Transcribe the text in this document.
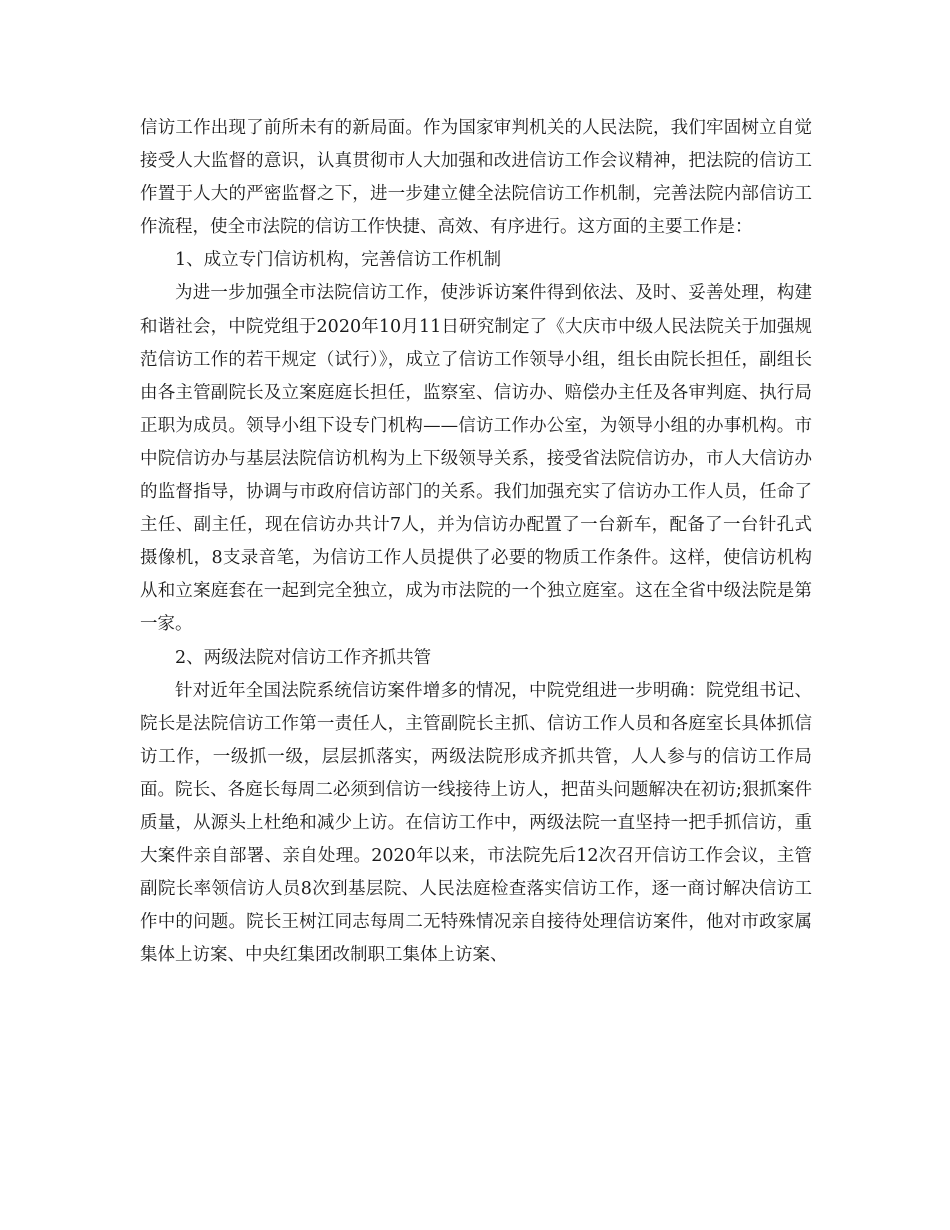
信访工作出现了前所未有的新局面。作为国家审判机关的人民法院，我们牢固树立自觉接受人大监督的意识，认真贯彻市人大加强和改进信访工作会议精神，把法院的信访工作置于人大的严密监督之下，进一步建立健全法院信访工作机制，完善法院内部信访工作流程，使全市法院的信访工作快捷、高效、有序进行。这方面的主要工作是：

1、成立专门信访机构，完善信访工作机制

为进一步加强全市法院信访工作，使涉诉访案件得到依法、及时、妥善处理，构建和谐社会，中院党组于2020年10月11日研究制定了《大庆市中级人民法院关于加强规范信访工作的若干规定（试行）》，成立了信访工作领导小组，组长由院长担任，副组长由各主管副院长及立案庭庭长担任，监察室、信访办、赔偿办主任及各审判庭、执行局正职为成员。领导小组下设专门机构——信访工作办公室，为领导小组的办事机构。市中院信访办与基层法院信访机构为上下级领导关系，接受省法院信访办，市人大信访办的监督指导，协调与市政府信访部门的关系。我们加强充实了信访办工作人员，任命了主任、副主任，现在信访办共计7人，并为信访办配置了一台新车，配备了一台针孔式摄像机，8支录音笔，为信访工作人员提供了必要的物质工作条件。这样，使信访机构从和立案庭套在一起到完全独立，成为市法院的一个独立庭室。这在全省中级法院是第一家。

2、两级法院对信访工作齐抓共管

针对近年全国法院系统信访案件增多的情况，中院党组进一步明确：院党组书记、院长是法院信访工作第一责任人，主管副院长主抓、信访工作人员和各庭室长具体抓信访工作，一级抓一级，层层抓落实，两级法院形成齐抓共管，人人参与的信访工作局面。院长、各庭长每周二必须到信访一线接待上访人，把苗头问题解决在初访;狠抓案件质量，从源头上杜绝和减少上访。在信访工作中，两级法院一直坚持一把手抓信访，重大案件亲自部署、亲自处理。2020年以来，市法院先后12次召开信访工作会议，主管副院长率领信访人员8次到基层院、人民法庭检查落实信访工作，逐一商讨解决信访工作中的问题。院长王树江同志每周二无特殊情况亲自接待处理信访案件，他对市政家属集体上访案、中央红集团改制职工集体上访案、
